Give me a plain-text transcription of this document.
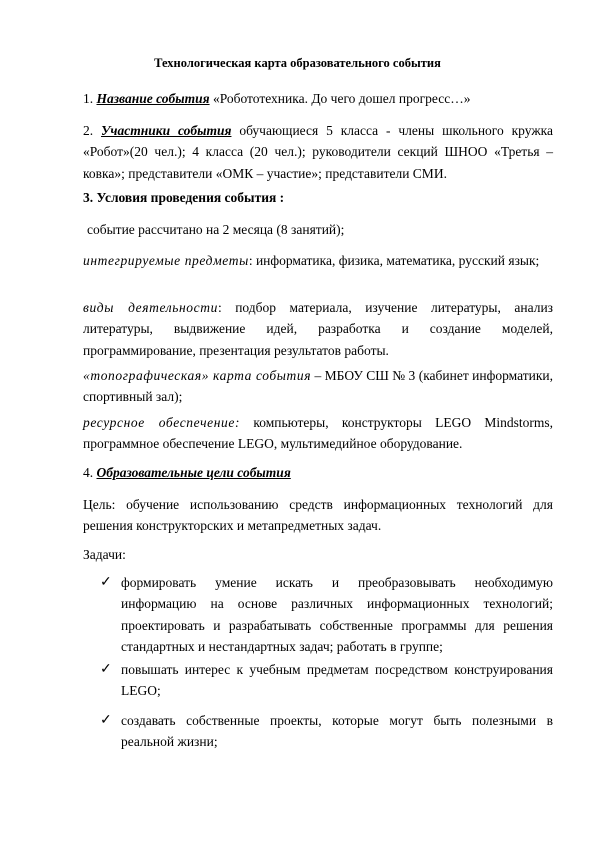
Технологическая карта образовательного события
1. Название события «Робототехника. До чего дошел прогресс…»
2. Участники события обучающиеся 5 класса - члены школьного кружка «Робот»(20 чел.); 4 класса (20 чел.); руководители секций ШНОО «Третья – ковка»; представители «ОМК – участие»; представители СМИ.
3. Условия проведения события :
событие рассчитано на 2 месяца (8 занятий);
интегрируемые предметы: информатика, физика, математика, русский язык;
виды деятельности: подбор материала, изучение литературы, анализ литературы, выдвижение идей, разработка и создание моделей, программирование, презентация результатов работы.
«топографическая» карта события – МБОУ СШ № 3 (кабинет информатики, спортивный зал);
ресурсное обеспечение: компьютеры, конструкторы LEGO Mindstorms, программное обеспечение LEGO, мультимедийное оборудование.
4. Образовательные цели события
Цель: обучение использованию средств информационных технологий для решения конструкторских и метапредметных задач.
Задачи:
✓ формировать умение искать и преобразовывать необходимую информацию на основе различных информационных технологий; проектировать и разрабатывать собственные программы для решения стандартных и нестандартных задач; работать в группе;
✓ повышать интерес к учебным предметам посредством конструирования LEGO;
✓ создавать собственные проекты, которые могут быть полезными в реальной жизни;
